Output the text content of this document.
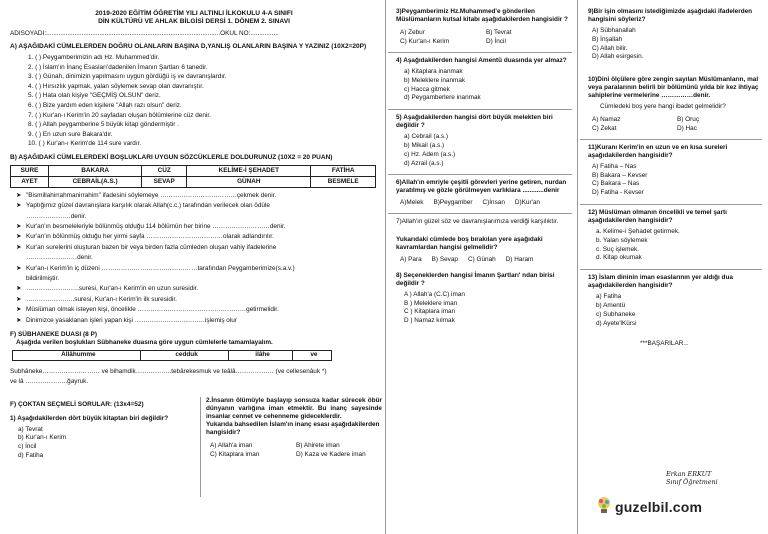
2019-2020 EĞİTİM ÖĞRETİM YILI ALTINLI İLKOKULU 4-A SINIFI
DİN KÜLTÜRÜ VE AHLAK BİLGİSİ DERSİ 1. DÖNEM 2. SINAVI
ADISOYADI:..................................................................................................OKUL NO:................
A) AŞAĞIDAKİ CÜMLELERDEN DOĞRU OLANLARIN BAŞINA D,YANLIŞ OLANLARIN BAŞINA Y YAZINIZ (10X2=20P)
1. ( ) Peygamberimizin adı Hz. Muhammed'dir.
2. ( ) İslam'ın İnanç Esasları'dadenilen İmanın Şartları 6 tanedir.
3. ( ) Günah, dinimizin yapılmasını uygun gördüğü iş ve davranışlardır.
4. ( ) Hırsızlık yapmak, yalan söylemek sevap olan davranıştır.
5. ( ) Hata olan kişiye "GEÇMİŞ OLSUN" deriz.
6. ( ) Bize yardım eden kişilere "Allah razı olsun" deriz.
7. ( ) Kur'an-ı Kerim'in 20 sayfadan oluşan bölümlerine cüz denir.
8. ( ) Allah peygamberine 5 büyük kitap göndermiştir .
9. ( ) En uzun sure Bakara'dır.
10. ( ) Kur'an-ı Kerim'de 114 sure vardır.
B) AŞAĞIDAKİ CÜMLELERDEKİ BOŞLUKLARI UYGUN SÖZCÜKLERLE DOLDURUNUZ (10X2 = 20 PUAN)
SURE	BAKARA	CÜZ	KELİME-İ ŞEHADET	FATİHA
AYET	CEBRAİL(A.S.)	SEVAP	GÜNAH	BESMELE
➤ "Bismillahirrahmanirrahim" ifadesini söylemeye ………………………………çekmek denir.
➤ Yaptığımız güzel davranışlara karşılık olarak Allah(c.c.) tarafından verilecek olan ödüle
…………………denir.
➤ Kur'an'ın besmeleleriyle bölünmüş olduğu 114 bölümün her birine ………………………denir.
➤ Kur'an'ın bölünmüş olduğu her yirmi sayfa ………………………………olarak adlandırılır.
➤ Kur'an surelerini oluşturan bazen bir veya birden fazla cümleden oluşan vahiy ifadelerine
……………………denir.
➤ Kur'an-ı Kerim'in iç düzeni ………………………………………tarafından Peygamberimize(s.a.v.)
bildirilmiştir.
➤ …………………….suresi, Kur'an-ı Kerim'in en uzun suresidir.
➤ …………………..suresi, Kur'an-ı Kerim'in ilk suresidir.
➤ Müslüman olmak isteyen kişi, öncelikle ……………………………………………getirmelidir.
➤ Dinimizce yasaklanan işleri yapan kişi ……………………………işlemiş olur
F) SÜBHANEKE DUASI (8 P)
Aşağıda verilen boşlukları Sübhaneke duasına göre uygun cümlelerle tamamlayalım.
Allâhumme	cedduk	ilâhe	ve
Subhâneke……………………… ve bihamdik……………..tebârekesmuk ve teâlâ……………… (ve cellesenâuk *)
ve lâ ………………..ğayruk.
F) ÇOKTAN SEÇMELİ SORULAR: (13x4=52)
1) Aşağıdakilerden dört büyük kitaptan biri değildir?
a) Tevrat
b) Kur'an-ı Kerim
c) İncil
d) Fatiha
2.İnsanın ölümüyle başlayıp sonsuza kadar sürecek öbür dünyanın varlığına iman etmektir. Bu inanç sayesinde insanlar cennet ve cehenneme gideceklerdir.
Yukarıda bahsedilen İslam'ın inanç esası aşağıdakilerden hangisidir?
A) Allah'a iman	B) Ahirete iman
C) Kitaplara iman	D) Kaza ve Kadere iman
3)Peygamberimiz Hz.Muhammed'e gönderilen Müslümanların kutsal kitabı aşağıdakilerden hangisidir ?
A) Zebur	B) Tevrat
C) Kur'an-ı Kerim	D) İncil
4) Aşağıdakilerden hangisi Amentü duasında yer almaz?
a) Kitaplara inanmak
b) Meleklere inanmak
c) Hacca gitmek
d) Peygamberlere inanmak
5) Aşağıdakilerden hangisi dört büyük melekten biri değildir ?
a) Cebrail (a.s.)
b) Mikail (a.s.)
c) Hz. Adem (a.s.)
d) Azrail (a.s.)
6)Allah'ın emriyle çeşitli görevleri yerine getiren, nurdan yaratılmış ve gözle görülmeyen varlıklara ............denir
A)Melek B)Peygamber C)İnsan D)Kur'an
7)Allah'ın güzel söz ve davranışlarımıza verdiği karşılıktır.
Yukarıdaki cümlede boş bırakılan yere aşağıdaki kavramlardan hangisi gelmelidir?
A) Para B) Sevap C) Günah D) Haram
8) Seçeneklerden hangisi İmanın Şartları' ndan birisi değildir ?
A ) Allah'a (C.C) iman
B ) Meleklere iman
C ) Kitaplara iman
D ) Namaz kılmak
9)Bir işin olmasını istediğimizde aşağıdaki ifadelerden hangisini söyleriz?
A) Sübhanallah
B) İnşallah
C) Allah bilir.
D) Allah esirgesin.
10)Dini ölçülere göre zengin sayılan Müslümanların, mal veya paralarının belirli bir bölümünü yılda bir kez ihtiyaç sahiplerine vermelerine ……………denir.
Cümledeki boş yere hangi ibadet gelmelidir?
A) Namaz	B) Oruç
C) Zekat	D) Hac
11)Kuranı Kerim'in en uzun ve en kısa sureleri aşağıdakilerden hangisidir?
A) Fatiha – Nas
B) Bakara – Kevser
C) Bakara – Nas
D) Fatiha - Kevser
12) Müslüman olmanın öncelikli ve temel şartı aşağıdakilerden hangisidir?
a. Kelime-i Şehadet getirmek.
b. Yalan söylemek
c. Suç işlemek.
d. Kitap okumak
13) İslam dininin iman esaslarının yer aldığı dua aşağıdakilerden hangisidir?
a) Fatiha
b) Amentü
c) Subhaneke
d) Ayete'lKürsi
***BAŞARILAR...
Erkan ERKUT
Sınıf Öğretmeni
guzelbil.com
